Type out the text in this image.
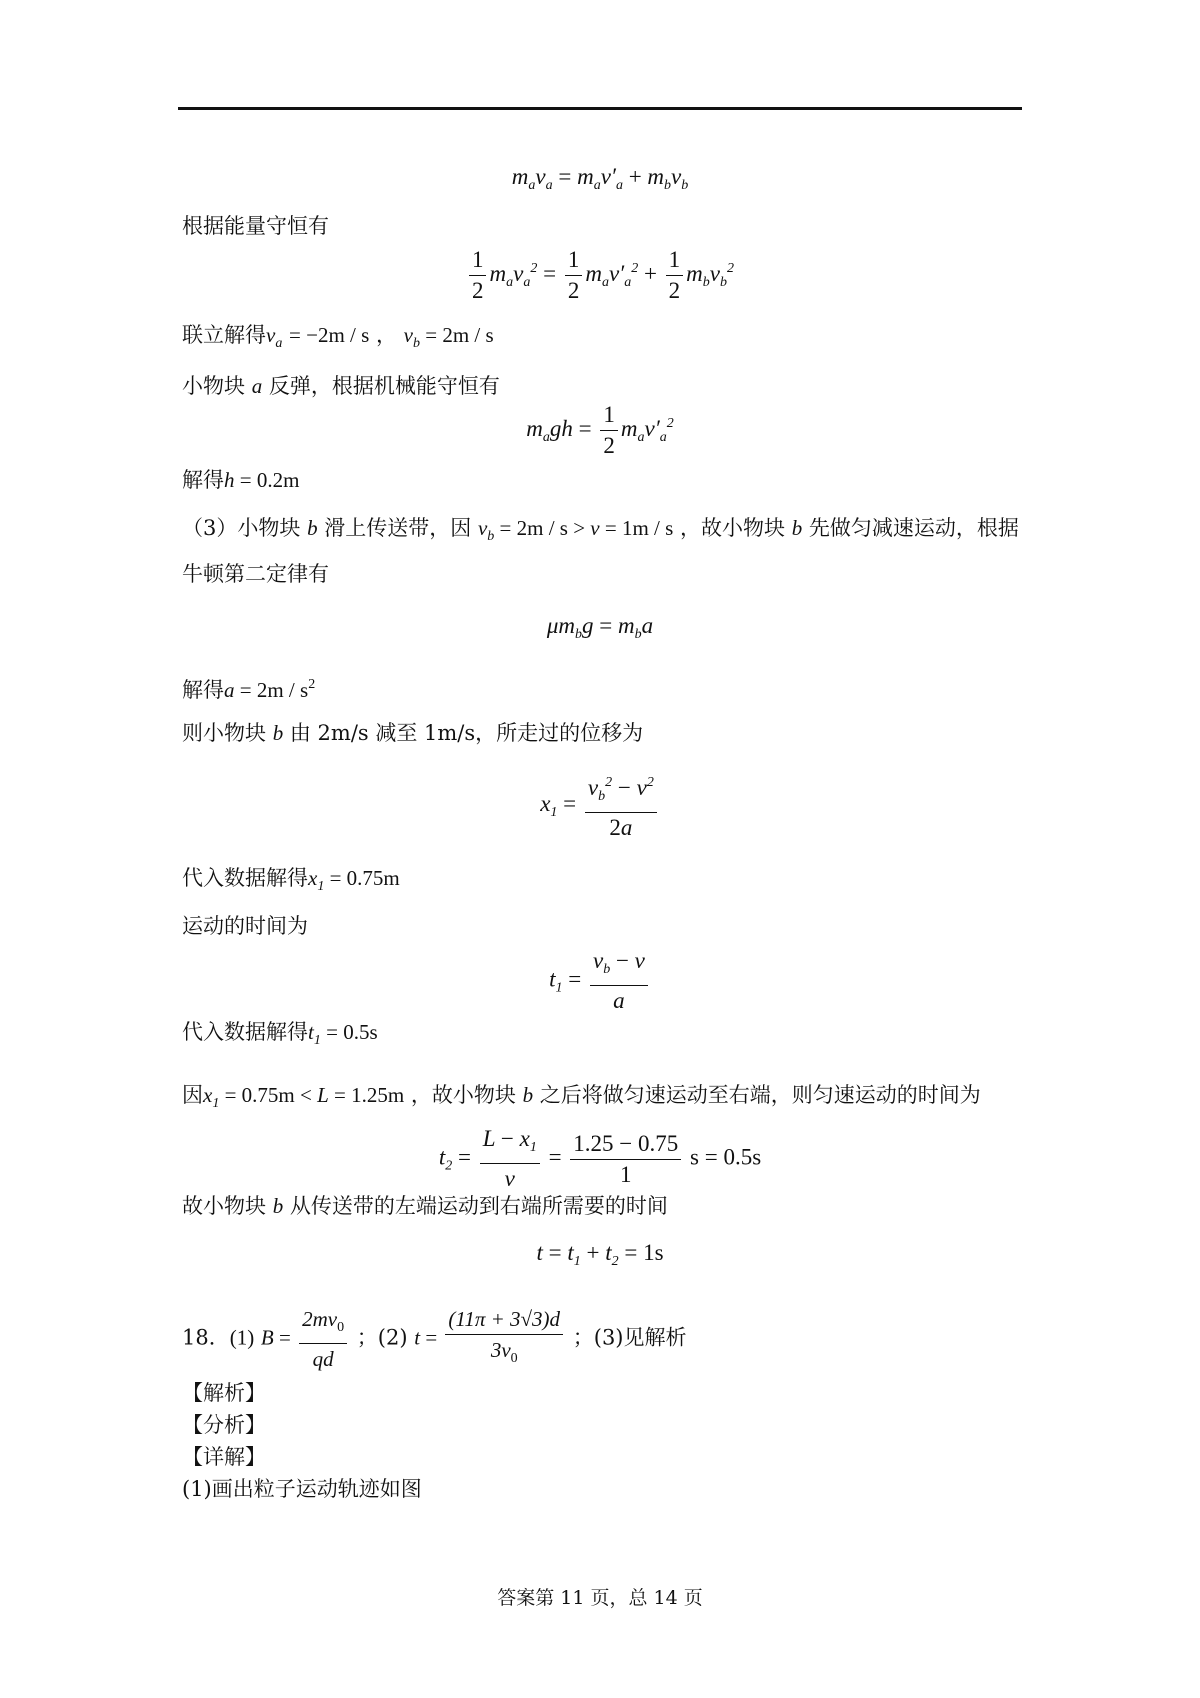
$m_av_a = m_av'_a + m_bv_b$
根据能量守恒有
$\frac{1}{2} m_av_a^2 = \frac{1}{2} m_av'_a^2 + \frac{1}{2} m_bv_b^2$
联立解得$v_a = -2m / s$ ， $v_b = 2m / s$
小物块 a 反弹，根据机械能守恒有
$m_agh = \frac{1}{2} m_av'_a^2$
解得h = 0.2m
（3）小物块 b 滑上传送带，因 $v_b = 2m / s > v = 1m / s$ ，故小物块 b 先做匀减速运动，根据
牛顿第二定律有
$\mu m_bg = m_ba$
解得$a = 2m / s^2$
则小物块 b 由 2m/s 减至 1m/s，所走过的位移为
$x_1 = \frac{v_b^2 - v^2}{2a}$
代入数据解得$x_1 = 0.75m$
运动的时间为
$t_1 = \frac{v_b - v}{a}$
代入数据解得$t_1 = 0.5s$
因$x_1 = 0.75m < L = 1.25m$ ，故小物块 b 之后将做匀速运动至右端，则匀速运动的时间为
$t_2 = \frac{L - x_1}{v} = \frac{1.25 - 0.75}{1}$ s = 0.5s
故小物块 b 从传送带的左端运动到右端所需要的时间
$t = t_1 + t_2 = 1s$
18．(1) $B = \frac{2mv_0}{qd}$ ；(2) $t = \frac{(11\pi + 3√3)d}{3v_0}$ ；(3)见解析
【解析】
【分析】
【详解】
(1)画出粒子运动轨迹如图
答案第 11 页，总 14 页
